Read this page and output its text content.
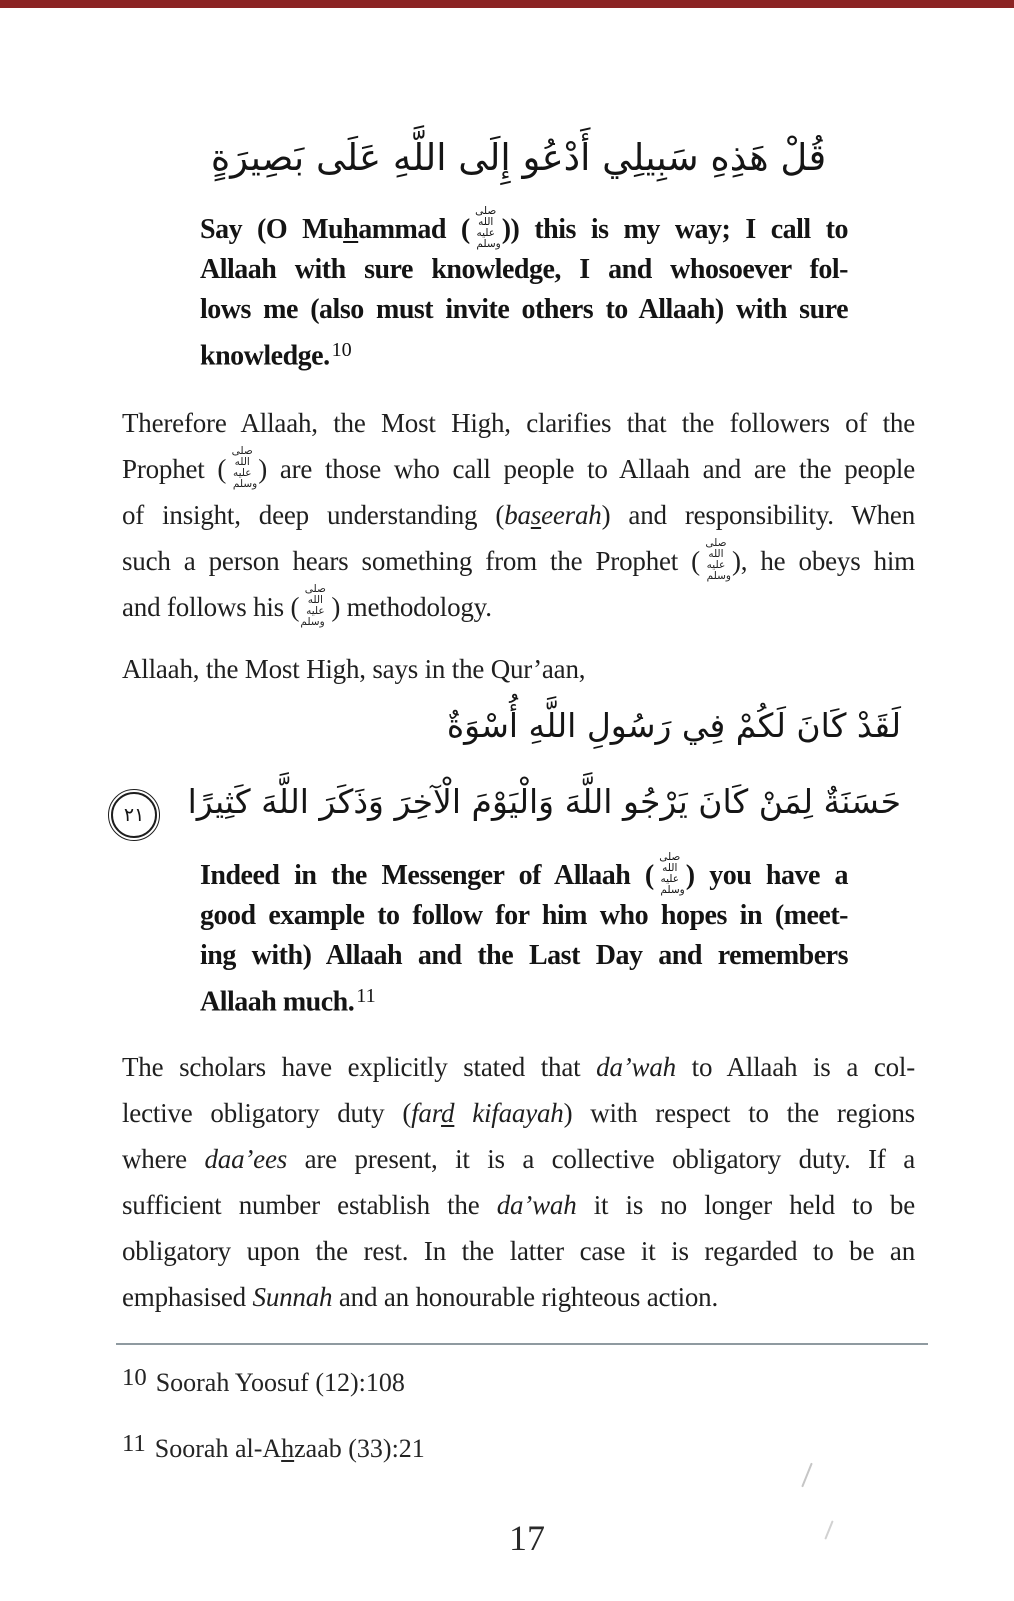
قُلْ هَذِهِ سَبِيلِي أَدْعُو إِلَى اللَّهِ عَلَى بَصِيرَةٍ
Say (O Muhammad (صلى الله عليه وسلم)) this is my way; I call to
Allaah with sure knowledge, I and whosoever fol-
lows me (also must invite others to Allaah) with sure
knowledge.$^{10}$
Therefore Allaah, the Most High, clarifies that the followers of the
Prophet (صلى الله عليه وسلم) are those who call people to Allaah and are the people
of insight, deep understanding (baseerah) and responsibility. When
such a person hears something from the Prophet (صلى الله عليه وسلم), he obeys him
and follows his (صلى الله عليه وسلم ) methodology.
Allaah, the Most High, says in the Qur’aan,
لَقَدْ كَانَ لَكُمْ فِي رَسُولِ اللَّهِ أُسْوَةٌ
حَسَنَةٌ لِمَنْ كَانَ يَرْجُو اللَّهَ وَالْيَوْمَ الْآخِرَ وَذَكَرَ اللَّهَ كَثِيرًا ٢١
Indeed in the Messenger of Allaah (صلى الله عليه وسلم) you have a
good example to follow for him who hopes in (meet-
ing with) Allaah and the Last Day and remembers
Allaah much.$^{11}$
The scholars have explicitly stated that da’wah to Allaah is a col-
lective obligatory duty (fard kifaayah) with respect to the regions
where daa’ees are present, it is a collective obligatory duty. If a
sufficient number establish the da’wah it is no longer held to be
obligatory upon the rest. In the latter case it is regarded to be an
emphasised Sunnah and an honourable righteous action.
10 Soorah Yoosuf (12):108
11 Soorah al-Ahzaab (33):21
17
